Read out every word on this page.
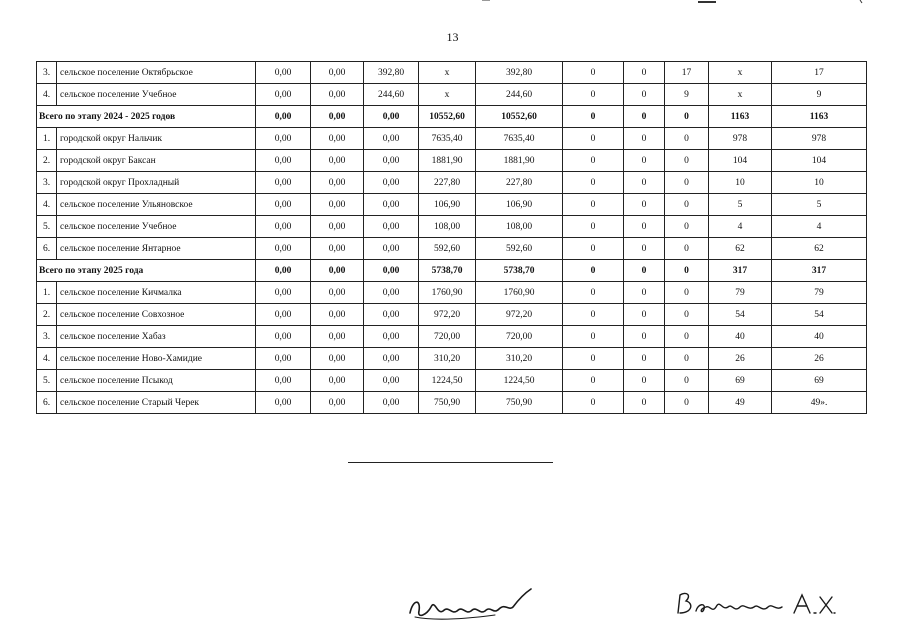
13
3.	сельское поселение Октябрьское	0,00	0,00	392,80	х	392,80	0	0	17	х	17
4.	сельское поселение Учебное	0,00	0,00	244,60	х	244,60	0	0	9	х	9
Всего по этапу 2024 - 2025 годов		0,00	0,00	0,00	10552,60	10552,60	0	0	0	1163	1163
1.	городской округ Нальчик	0,00	0,00	0,00	7635,40	7635,40	0	0	0	978	978
2.	городской округ Баксан	0,00	0,00	0,00	1881,90	1881,90	0	0	0	104	104
3.	городской округ Прохладный	0,00	0,00	0,00	227,80	227,80	0	0	0	10	10
4.	сельское поселение Ульяновское	0,00	0,00	0,00	106,90	106,90	0	0	0	5	5
5.	сельское поселение Учебное	0,00	0,00	0,00	108,00	108,00	0	0	0	4	4
6.	сельское поселение Янтарное	0,00	0,00	0,00	592,60	592,60	0	0	0	62	62
Всего по этапу 2025 года		0,00	0,00	0,00	5738,70	5738,70	0	0	0	317	317
1.	сельское поселение Кичмалка	0,00	0,00	0,00	1760,90	1760,90	0	0	0	79	79
2.	сельское поселение Совхозное	0,00	0,00	0,00	972,20	972,20	0	0	0	54	54
3.	сельское поселение Хабаз	0,00	0,00	0,00	720,00	720,00	0	0	0	40	40
4.	сельское поселение Ново-Хамидие	0,00	0,00	0,00	310,20	310,20	0	0	0	26	26
5.	сельское поселение Псыкод	0,00	0,00	0,00	1224,50	1224,50	0	0	0	69	69
6.	сельское поселение Старый Черек	0,00	0,00	0,00	750,90	750,90	0	0	0	49	49».
